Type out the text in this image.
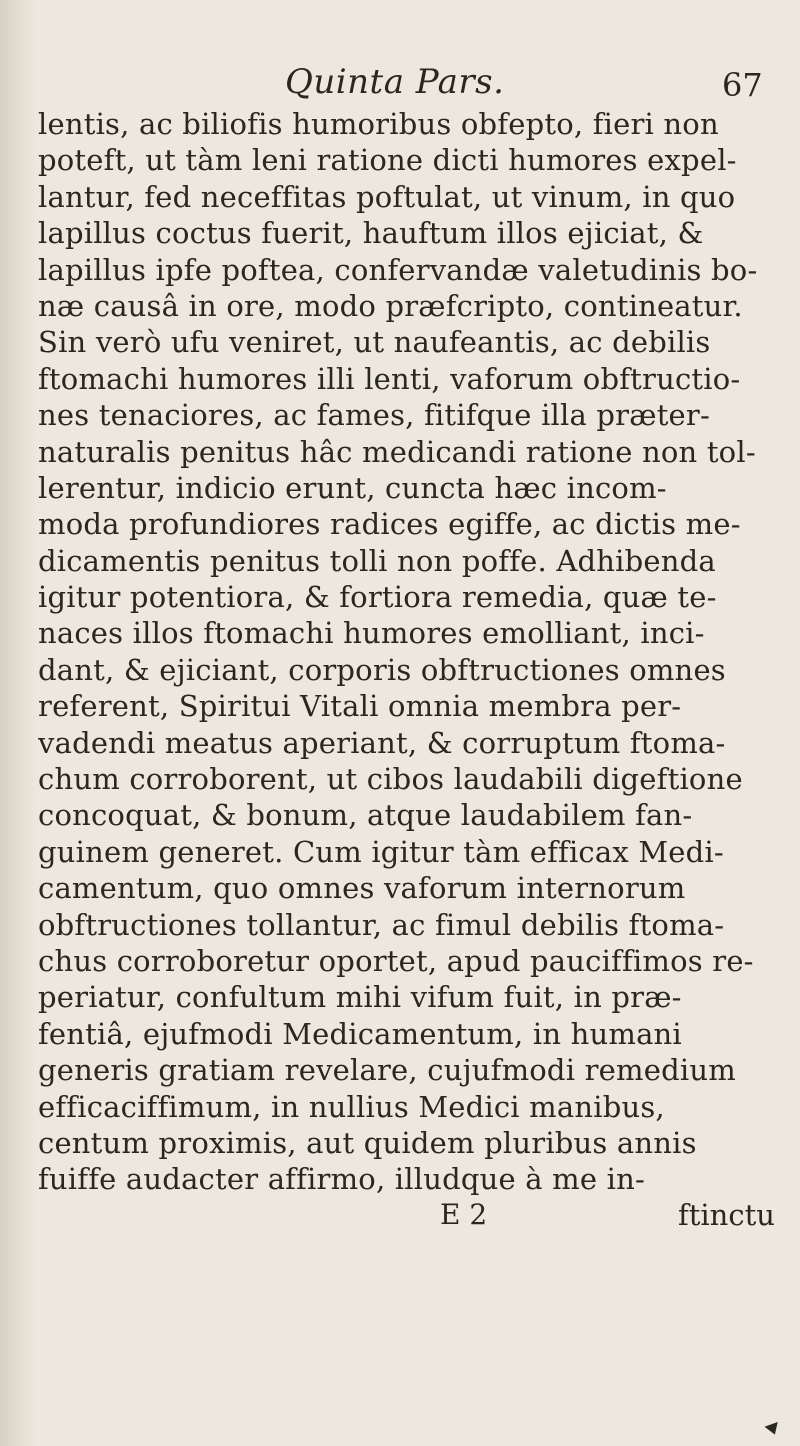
Quinta Pars.	67
lentis, ac biliofis humoribus obfepto, fieri non
poteft, ut tàm leni ratione dicti humores expel-
lantur, fed neceffitas poftulat, ut vinum, in quo
lapillus coctus fuerit, hauftum illos ejiciat, &
lapillus ipfe poftea, confervandæ valetudinis bo-
næ causâ in ore, modo præfcripto, contineatur.
Sin verò ufu veniret, ut naufeantis, ac debilis
ftomachi humores illi lenti, vaforum obftructio-
nes tenaciores, ac fames, fitifque illa præter-
naturalis penitus hâc medicandi ratione non tol-
lerentur, indicio erunt, cuncta hæc incom-
moda profundiores radices egiffe, ac dictis me-
dicamentis penitus tolli non poffe. Adhibenda
igitur potentiora, & fortiora remedia, quæ te-
naces illos ftomachi humores emolliant, inci-
dant, & ejiciant, corporis obftructiones omnes
referent, Spiritui Vitali omnia membra per-
vadendi meatus aperiant, & corruptum ftoma-
chum corroborent, ut cibos laudabili digeftione
concoquat, & bonum, atque laudabilem fan-
guinem generet. Cum igitur tàm efficax Medi-
camentum, quo omnes vaforum internorum
obftructiones tollantur, ac fimul debilis ftoma-
chus corroboretur oportet, apud pauciffimos re-
periatur, confultum mihi vifum fuit, in præ-
fentiâ, ejufmodi Medicamentum, in humani
generis gratiam revelare, cujufmodi remedium
efficaciffimum, in nullius Medici manibus,
centum proximis, aut quidem pluribus annis
fuiffe audacter affirmo, illudque à me in-
E 2	ftinctu
